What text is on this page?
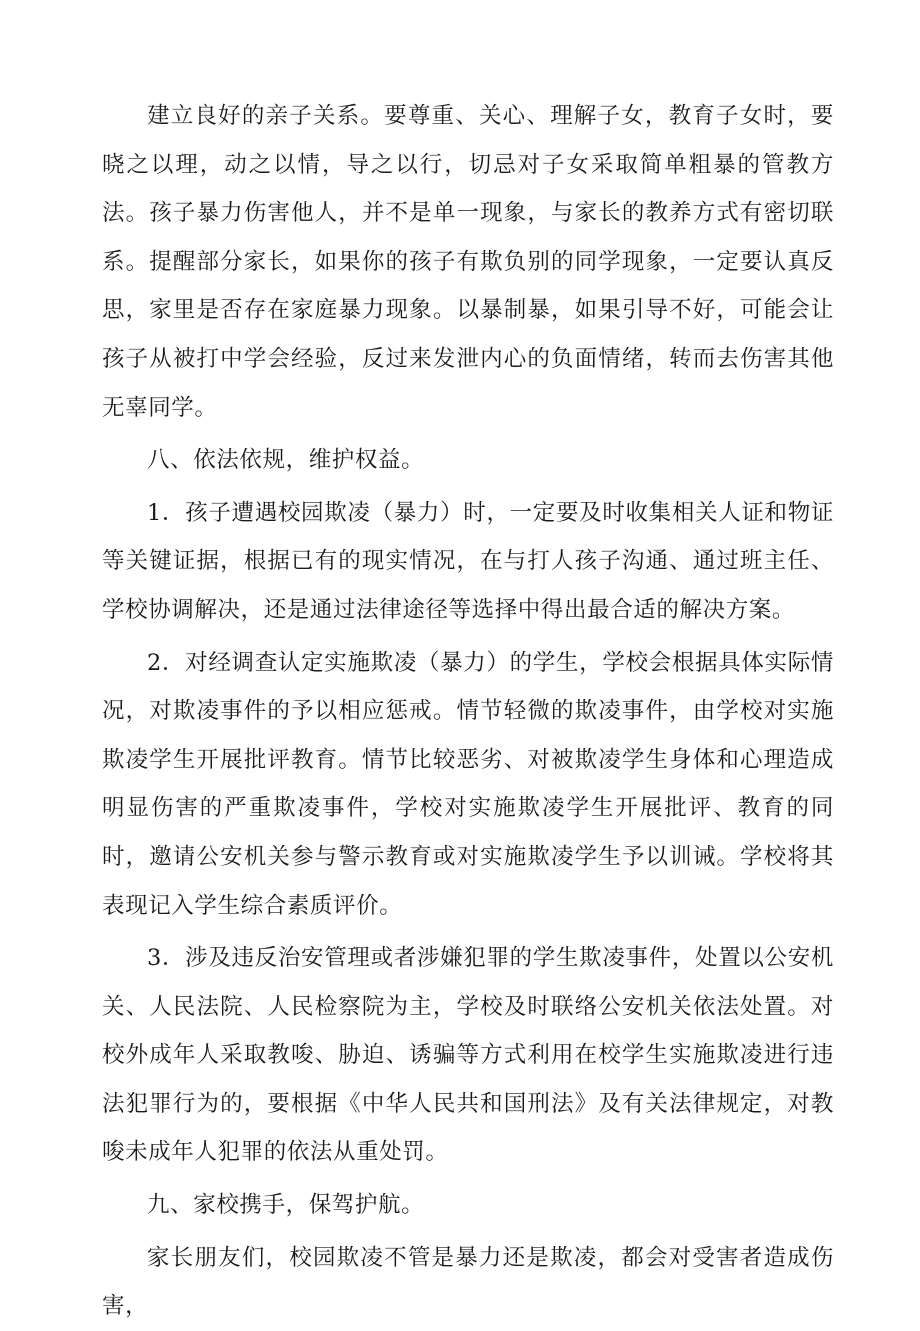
建立良好的亲子关系。要尊重、关心、理解子女，教育子女时，要晓之以理，动之以情，导之以行，切忌对子女采取简单粗暴的管教方法。孩子暴力伤害他人，并不是单一现象，与家长的教养方式有密切联系。提醒部分家长，如果你的孩子有欺负别的同学现象，一定要认真反思，家里是否存在家庭暴力现象。以暴制暴，如果引导不好，可能会让孩子从被打中学会经验，反过来发泄内心的负面情绪，转而去伤害其他无辜同学。

八、依法依规，维护权益。

1．孩子遭遇校园欺凌（暴力）时，一定要及时收集相关人证和物证等关键证据，根据已有的现实情况，在与打人孩子沟通、通过班主任、学校协调解决，还是通过法律途径等选择中得出最合适的解决方案。

2．对经调查认定实施欺凌（暴力）的学生，学校会根据具体实际情况，对欺凌事件的予以相应惩戒。情节轻微的欺凌事件，由学校对实施欺凌学生开展批评教育。情节比较恶劣、对被欺凌学生身体和心理造成明显伤害的严重欺凌事件，学校对实施欺凌学生开展批评、教育的同时，邀请公安机关参与警示教育或对实施欺凌学生予以训诫。学校将其表现记入学生综合素质评价。

3．涉及违反治安管理或者涉嫌犯罪的学生欺凌事件，处置以公安机关、人民法院、人民检察院为主，学校及时联络公安机关依法处置。对校外成年人采取教唆、胁迫、诱骗等方式利用在校学生实施欺凌进行违法犯罪行为的，要根据《中华人民共和国刑法》及有关法律规定，对教唆未成年人犯罪的依法从重处罚。

九、家校携手，保驾护航。

家长朋友们，校园欺凌不管是暴力还是欺凌，都会对受害者造成伤害，
